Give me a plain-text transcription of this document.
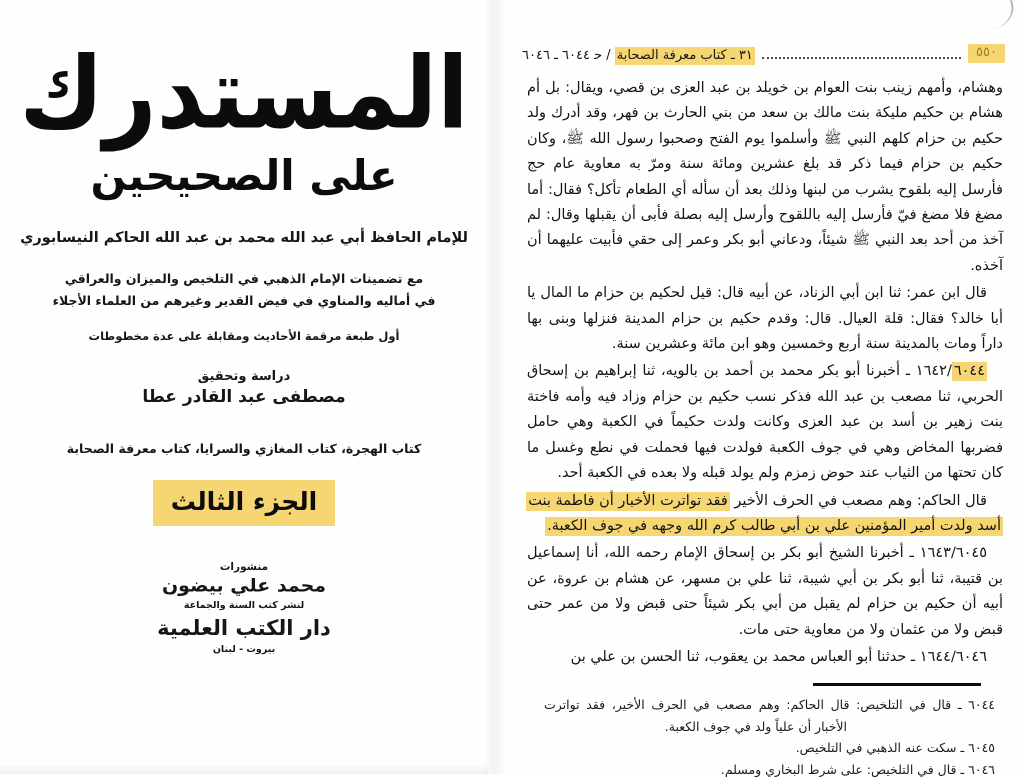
المستدرك
على الصحيحين
للإمام الحافظ أبي عبد الله محمد بن عبد الله الحاكم النيسابوري
مع تضمينات الإمام الذهبي في التلخيص والميزان والعراقي
في أماليه والمناوي في فيض القدير وغيرهم من العلماء الأجلاء
أول طبعة مرقمة الأحاديث ومقابلة على عدة مخطوطات
دراسة وتحقيق
مصطفى عبد القادر عطا
كتاب الهجرة، كتاب المغازي والسرايا، كتاب معرفة الصحابة
الجزء الثالث
منشورات
محمد علي بيضون
لنشر كتب السنة والجماعة
دار الكتب العلمية
بيروت - لبنان
٥٥٠
٣١ ـ كتاب معرفة الصحابة / ح‍ ٦٠٤٤ ـ ٦٠٤٦

وهشام، وأمهم زينب بنت العوام بن خويلد بن عبد العزى بن قصي، ويقال: بل أم هشام بن حكيم مليكة بنت مالك بن سعد من بني الحارث بن فهر، وقد أدرك ولد حكيم بن حزام كلهم النبي ﷺ وأسلموا يوم الفتح وصحبوا رسول الله ﷺ، وكان حكيم بن حزام فيما ذكر قد بلغ عشرين ومائة سنة ومرّ به معاوية عام حج فأرسل إليه بلقوح يشرب من لبنها وذلك بعد أن سأله أي الطعام تأكل؟ فقال: أما مضغ فلا مضغ فيّ فأرسل إليه باللقوح وأرسل إليه بصلة فأبى أن يقبلها وقال: لم آخذ من أحد بعد النبي ﷺ شيئاً، ودعاني أبو بكر وعمر إلى حقي فأبيت عليهما أن آخذه.

قال ابن عمر: ثنا ابن أبي الزناد، عن أبيه قال: قيل لحكيم بن حزام ما المال يا أبا خالد؟ فقال: قلة العيال. قال: وقدم حكيم بن حزام المدينة فنزلها وبنى بها داراً ومات بالمدينة سنة أربع وخمسين وهو ابن مائة وعشرين سنة.

١٦٤٢/ ٦٠٤٤ ـ أخبرنا أبو بكر محمد بن أحمد بن بالويه، ثنا إبراهيم بن إسحاق الحربي، ثنا مصعب بن عبد الله فذكر نسب حكيم بن حزام وزاد فيه وأمه فاختة بنت زهير بن أسد بن عبد العزى وكانت ولدت حكيماً في الكعبة وهي حامل فضربها المخاض وهي في جوف الكعبة فولدت فيها فحملت في نطع وغسل ما كان تحتها من الثياب عند حوض زمزم ولم يولد قبله ولا بعده في الكعبة أحد.

قال الحاكم: وهم مصعب في الحرف الأخير فقد تواترت الأخبار أن فاطمة بنت أسد ولدت أمير المؤمنين علي بن أبي طالب كرم الله وجهه في جوف الكعبة.

١٦٤٣/٦٠٤٥ ـ أخبرنا الشيخ أبو بكر بن إسحاق الإمام رحمه الله، أنا إسماعيل بن قتيبة، ثنا أبو بكر بن أبي شيبة، ثنا علي بن مسهر، عن هشام بن عروة، عن أبيه أن حكيم بن حزام لم يقبل من أبي بكر شيئاً حتى قبض ولا من عمر حتى قبض ولا من عثمان ولا من معاوية حتى مات.

١٦٤٤/٦٠٤٦ ـ حدثنا أبو العباس محمد بن يعقوب، ثنا الحسن بن علي بن

٦٠٤٤ ـ قال في التلخيص: قال الحاكم: وهم مصعب في الحرف الأخير، فقد تواترت الأخبار أن علياً ولد في جوف الكعبة.
٦٠٤٥ ـ سكت عنه الذهبي في التلخيص.
٦٠٤٦ ـ قال في التلخيص: على شرط البخاري ومسلم.
